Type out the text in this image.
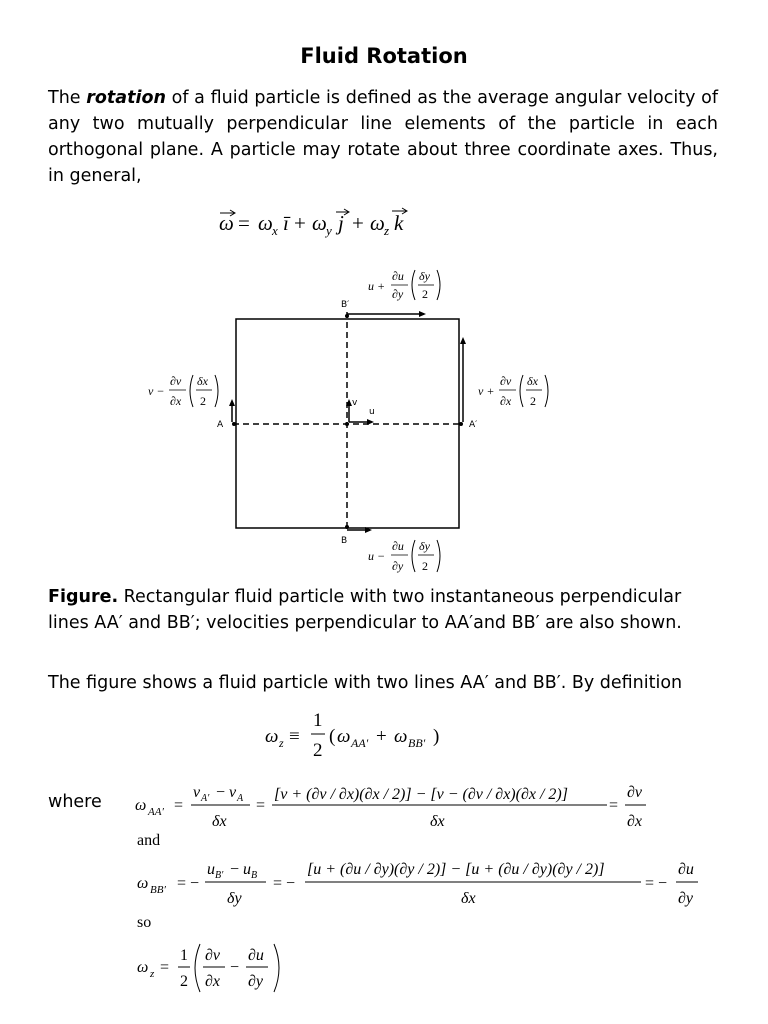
Fluid Rotation

The rotation of a fluid particle is defined as the average angular velocity of any two mutually perpendicular line elements of the particle in each orthogonal plane. A particle may rotate about three coordinate axes. Thus, in general,

ω = ω x ī + ω y j + ω z k
B′
B
A	A′
v
u
u +
∂u
∂y
δy
2
u −
∂u
∂y
δy
2
v −
∂v
∂x
δx
2
v +
∂v
∂x
δx
2
ω z ≡
1
2
( ω AA′ + ω BB′ )
ω AA′ =
v A′ − v A
δx
=
[v + (∂v / ∂x)(∂x / 2)] − [v − (∂v / ∂x)(∂x / 2)]
δx
=
∂v
∂x
ω BB′ = −
u B′ − u B
δy
= −
[u + (∂u / ∂y)(∂y / 2)] − [u + (∂u / ∂y)(∂y / 2)]
δx
= −
∂u
∂y
ω z =
1
2
∂v
∂x
−
∂u
∂y

Figure. Rectangular fluid particle with two instantaneous perpendicular lines AA′ and BB′; velocities perpendicular to AA′and BB′ are also shown.

The figure shows a fluid particle with two lines AA′ and BB′. By definition

where
and
so
